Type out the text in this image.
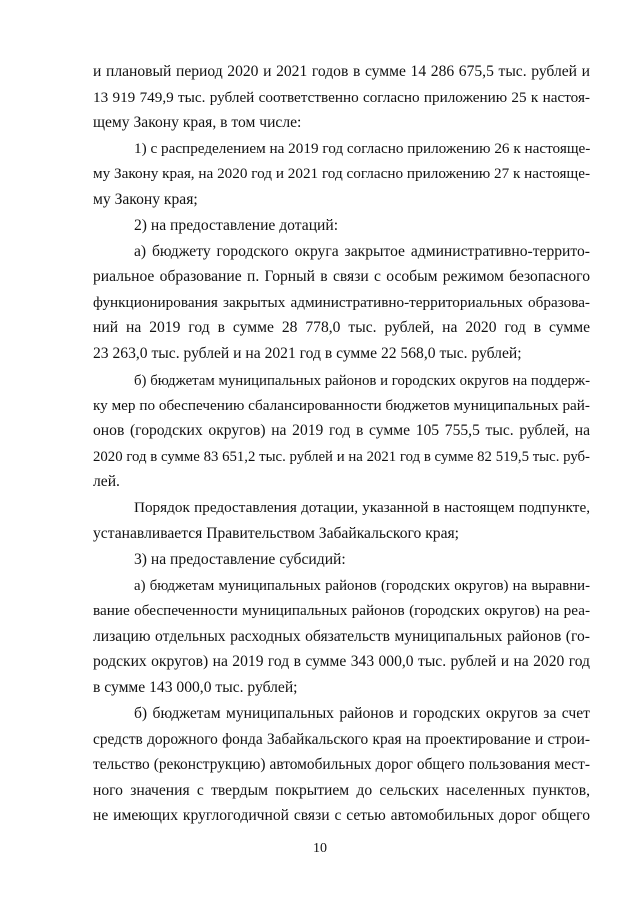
и плановый период 2020 и 2021 годов в сумме 14 286 675,5 тыс. рублей и
13 919 749,9 тыс. рублей соответственно согласно приложению 25 к настоя-
щему Закону края, в том числе:
1) с распределением на 2019 год согласно приложению 26 к настояще-
му Закону края, на 2020 год и 2021 год согласно приложению 27 к настояще-
му Закону края;
2) на предоставление дотаций:
а) бюджету городского округа закрытое административно-террито-
риальное образование п. Горный в связи с особым режимом безопасного
функционирования закрытых административно-территориальных образова-
ний на 2019 год в сумме 28 778,0 тыс. рублей, на 2020 год в сумме
23 263,0 тыс. рублей и на 2021 год в сумме 22 568,0 тыс. рублей;
б) бюджетам муниципальных районов и городских округов на поддерж-
ку мер по обеспечению сбалансированности бюджетов муниципальных рай-
онов (городских округов) на 2019 год в сумме 105 755,5 тыс. рублей, на
2020 год в сумме 83 651,2 тыс. рублей и на 2021 год в сумме 82 519,5 тыс. руб-
лей.
Порядок предоставления дотации, указанной в настоящем подпункте,
устанавливается Правительством Забайкальского края;
3) на предоставление субсидий:
а) бюджетам муниципальных районов (городских округов) на выравни-
вание обеспеченности муниципальных районов (городских округов) на реа-
лизацию отдельных расходных обязательств муниципальных районов (го-
родских округов) на 2019 год в сумме 343 000,0 тыс. рублей и на 2020 год
в сумме 143 000,0 тыс. рублей;
б) бюджетам муниципальных районов и городских округов за счет
средств дорожного фонда Забайкальского края на проектирование и строи-
тельство (реконструкцию) автомобильных дорог общего пользования мест-
ного значения с твердым покрытием до сельских населенных пунктов,
не имеющих круглогодичной связи с сетью автомобильных дорог общего
10
